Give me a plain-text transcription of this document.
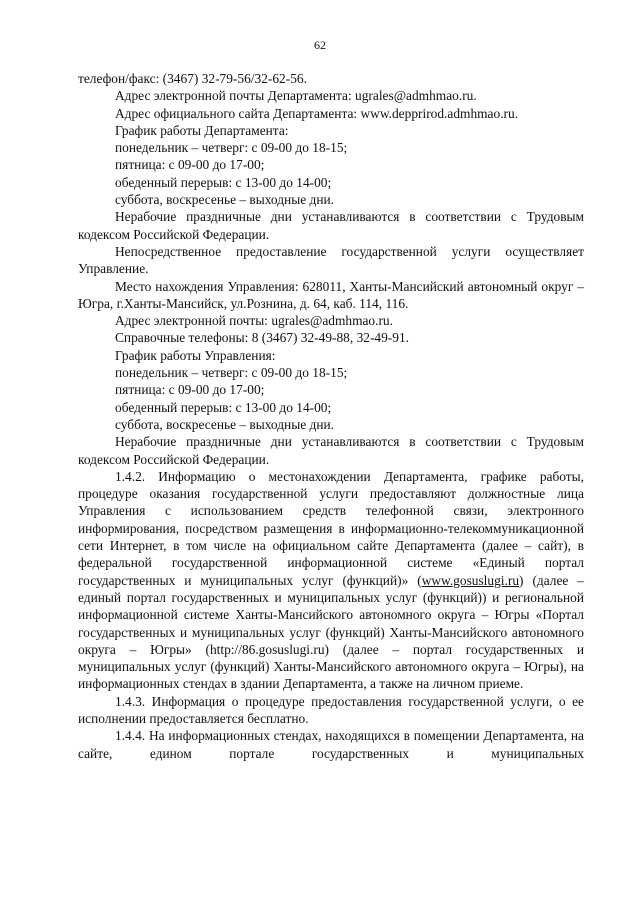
62

телефон/факс: (3467) 32-79-56/32-62-56.

Адрес электронной почты Департамента: ugrales@admhmao.ru.

Адрес официального сайта Департамента: www.depprirod.admhmao.ru.

График работы Департамента:

понедельник – четверг: с 09-00 до 18-15;

пятница: с 09-00 до 17-00;

обеденный перерыв: с 13-00 до 14-00;

суббота, воскресенье – выходные дни.

Нерабочие праздничные дни устанавливаются в соответствии с Трудовым кодексом Российской Федерации.

Непосредственное предоставление государственной услуги осуществляет Управление.

Место нахождения Управления: 628011, Ханты-Мансийский автономный округ – Югра, г.Ханты-Мансийск, ул.Рознина, д. 64, каб. 114, 116.

Адрес электронной почты: ugrales@admhmao.ru.

Справочные телефоны: 8 (3467) 32-49-88, 32-49-91.

График работы Управления:

понедельник – четверг: с 09-00 до 18-15;

пятница: с 09-00 до 17-00;

обеденный перерыв: с 13-00 до 14-00;

суббота, воскресенье – выходные дни.

Нерабочие праздничные дни устанавливаются в соответствии с Трудовым кодексом Российской Федерации.

1.4.2. Информацию о местонахождении Департамента, графике работы, процедуре оказания государственной услуги предоставляют должностные лица Управления с использованием средств телефонной связи, электронного информирования, посредством размещения в информационно-телекоммуникационной сети Интернет, в том числе на официальном сайте Департамента (далее – сайт), в федеральной государственной информационной системе «Единый портал государственных и муниципальных услуг (функций)» (www.gosuslugi.ru) (далее – единый портал государственных и муниципальных услуг (функций)) и региональной информационной системе Ханты-Мансийского автономного округа – Югры «Портал государственных и муниципальных услуг (функций) Ханты-Мансийского автономного округа – Югры» (http://86.gosuslugi.ru) (далее – портал государственных и муниципальных услуг (функций) Ханты-Мансийского автономного округа – Югры), на информационных стендах в здании Департамента, а также на личном приеме.

1.4.3. Информация о процедуре предоставления государственной услуги, о ее исполнении предоставляется бесплатно.

1.4.4. На информационных стендах, находящихся в помещении Департамента, на сайте, едином портале государственных и муниципальных
